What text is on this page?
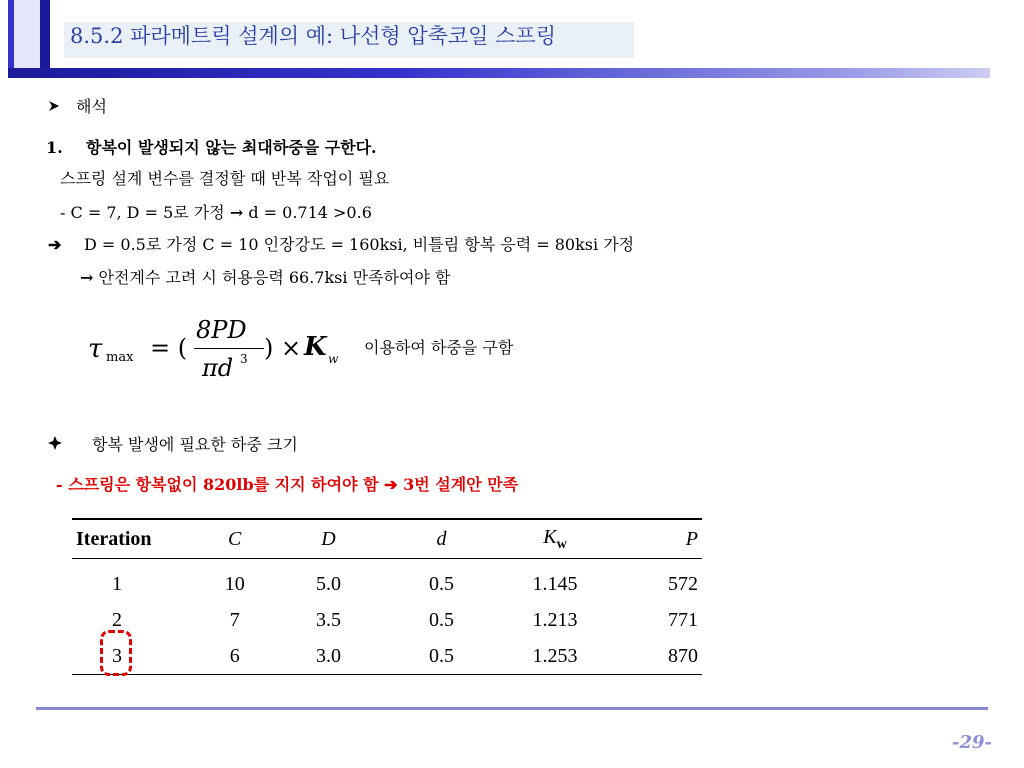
8.5.2 파라메트릭 설계의 예: 나선형 압축코일 스프링
해석
1. 항복이 발생되지 않는 최대하중을 구한다.
스프링 설계 변수를 결정할 때 반복 작업이 필요
- C = 7, D = 5로 가정 → d = 0.714 >0.6
➔ D = 0.5로 가정 C = 10 인장강도 = 160ksi, 비틀림 항복 응력 = 80ksi 가정
→ 안전계수 고려 시 허용응력 66.7ksi 만족하여야 함
τ max = (
8PD
πd 3 ) × K w
이용하여 하중을 구함
항복 발생에 필요한 하중 크기
- 스프링은 항복없이 820lb를 지지 하여야 함 ➔ 3번 설계안 만족
Iteration	C	D	d	$K_w$	P
1	10	5.0	0.5	1.145	572
2	7	3.5	0.5	1.213	771
3	6	3.0	0.5	1.253	870
-29-
